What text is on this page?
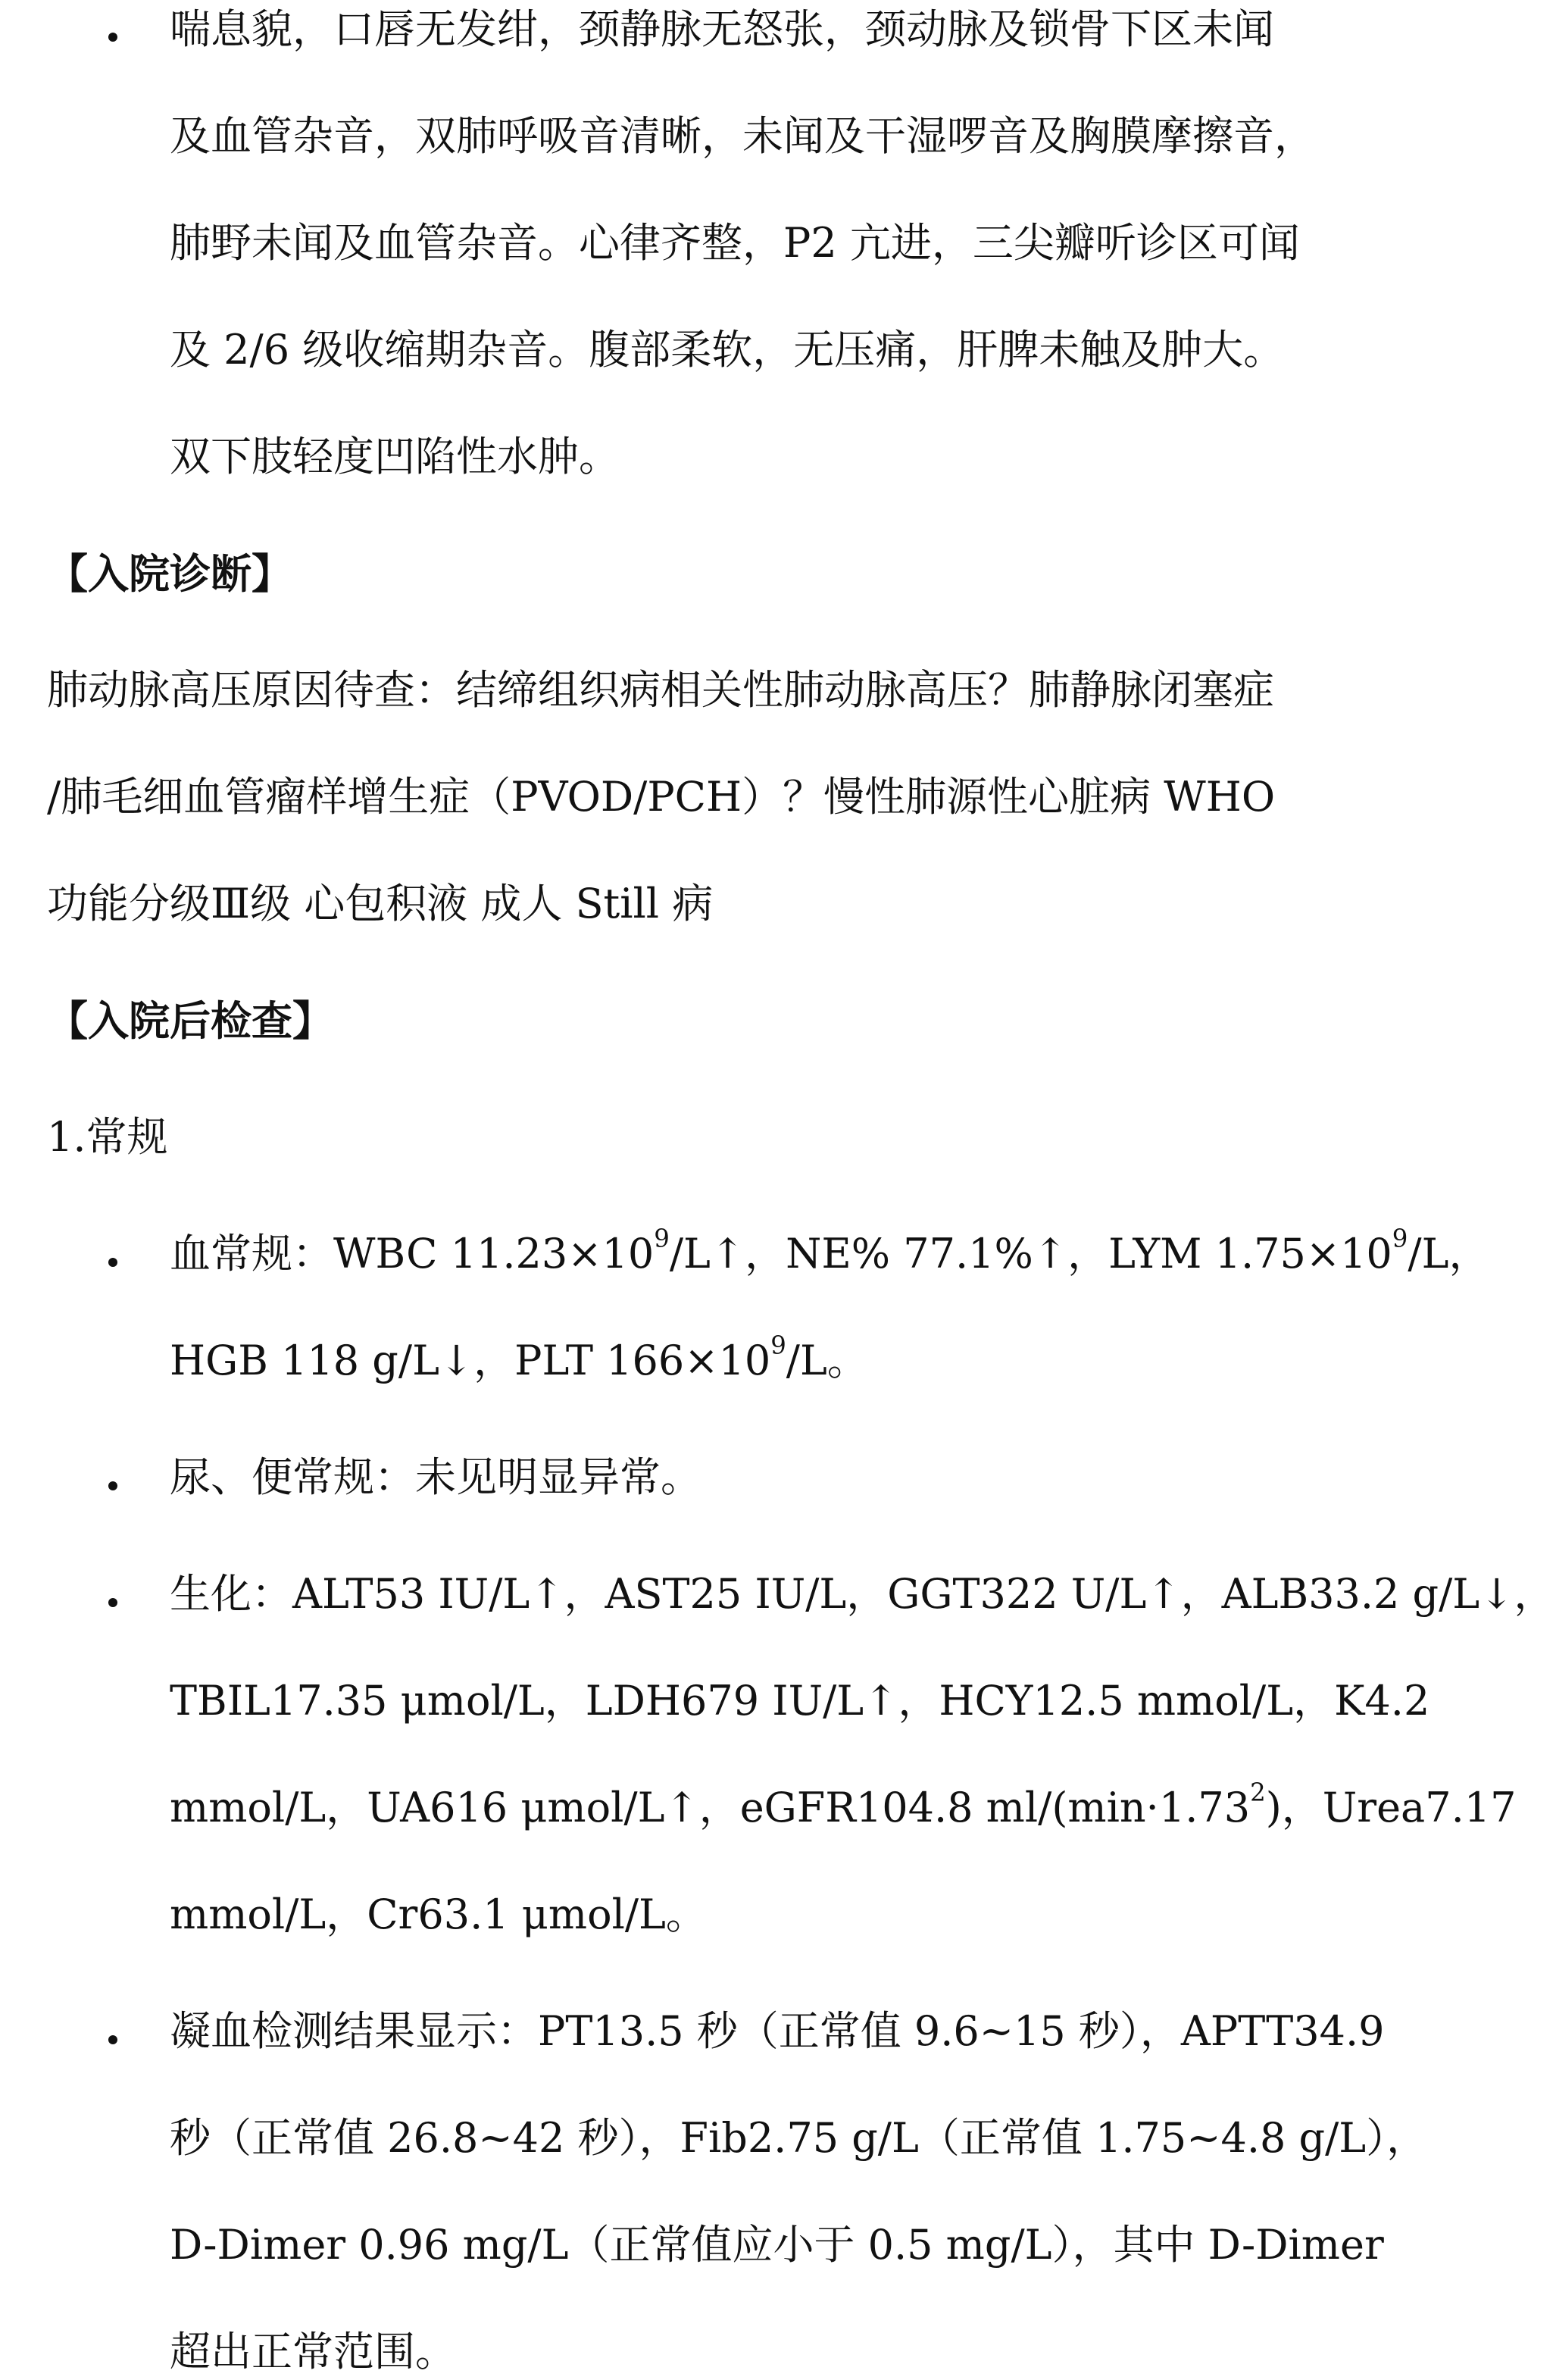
喘息貌，口唇无发绀，颈静脉无怒张，颈动脉及锁骨下区未闻
及血管杂音，双肺呼吸音清晰，未闻及干湿啰音及胸膜摩擦音，
肺野未闻及血管杂音。心律齐整，P2 亢进，三尖瓣听诊区可闻
及 2/6 级收缩期杂音。腹部柔软，无压痛，肝脾未触及肿大。
双下肢轻度凹陷性水肿。
【入院诊断】
肺动脉高压原因待查：结缔组织病相关性肺动脉高压？肺静脉闭塞症
/肺毛细血管瘤样增生症（PVOD/PCH）？慢性肺源性心脏病 WHO
功能分级Ⅲ级 心包积液 成人 Still 病
【入院后检查】
1.常规
血常规：WBC $11.23\times 10^9/L↑$，NE% 77.1%↑，LYM $1.75\times 10^9/L$，
HGB 118 g/L↓，PLT $166\times 10^9/L$。
尿、便常规：未见明显异常。
生化：ALT53 IU/L↑，AST25 IU/L，GGT322 U/L↑，ALB33.2 g/L↓，
TBIL17.35 μmol/L，LDH679 IU/L↑，HCY12.5 mmol/L，K4.2
mmol/L，UA616 μmol/L↑，eGFR104.8 $ml/(\min\cdot 1.73^2)$，Urea7.17
mmol/L，Cr63.1 μmol/L。
凝血检测结果显示：PT13.5 秒（正常值 9.6~15 秒），APTT34.9
秒（正常值 26.8~42 秒），Fib2.75 g/L（正常值 1.75~4.8 g/L），
D-Dimer 0.96 mg/L（正常值应小于 0.5 mg/L），其中 D-Dimer
超出正常范围。
